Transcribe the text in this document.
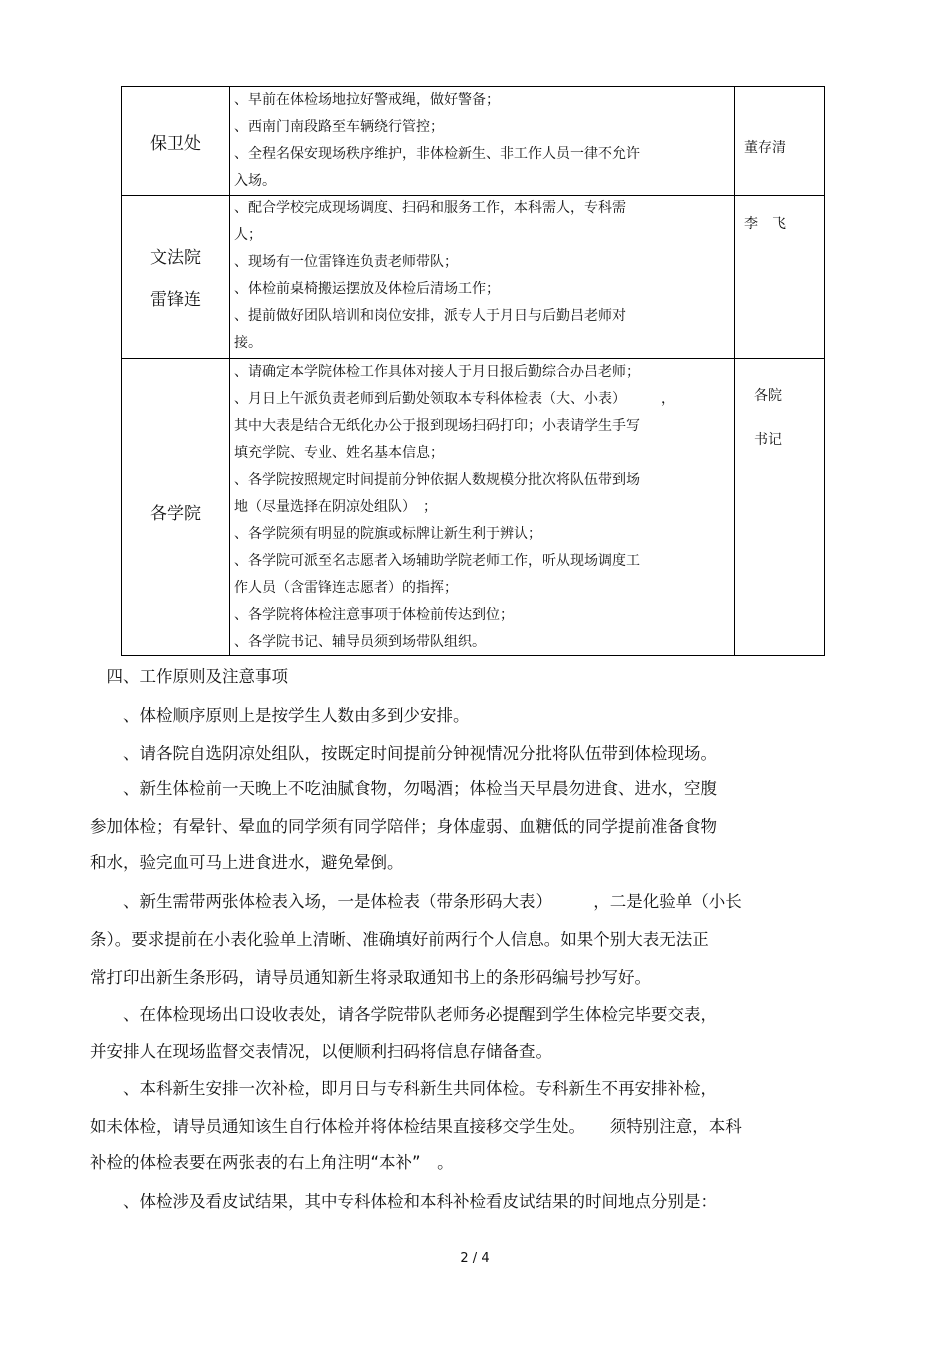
保卫处
、早前在体检场地拉好警戒绳，做好警备；
、西南门南段路至车辆绕行管控；
、全程名保安现场秩序维护，非体检新生、非工作人员一律不允许
入场。
董存清
文法院
雷锋连
、配合学校完成现场调度、扫码和服务工作，本科需人，专科需
人；
、现场有一位雷锋连负责老师带队；
、体检前桌椅搬运摆放及体检后清场工作；
、提前做好团队培训和岗位安排，派专人于月日与后勤吕老师对
接。
李　飞
各学院
、请确定本学院体检工作具体对接人于月日报后勤综合办吕老师；
、月日上午派负责老师到后勤处领取本专科体检表（大、小表）　　　，
其中大表是结合无纸化办公于报到现场扫码打印；小表请学生手写
填充学院、专业、姓名基本信息；
、各学院按照规定时间提前分钟依据人数规模分批次将队伍带到场
地（尽量选择在阴凉处组队）　；
、各学院须有明显的院旗或标牌让新生利于辨认；
、各学院可派至名志愿者入场辅助学院老师工作，听从现场调度工
作人员（含雷锋连志愿者）的指挥；
、各学院将体检注意事项于体检前传达到位；
、各学院书记、辅导员须到场带队组织。
各院
书记
　四、工作原则及注意事项
　　、体检顺序原则上是按学生人数由多到少安排。
　　、请各院自选阴凉处组队，按既定时间提前分钟视情况分批将队伍带到体检现场。
　　、新生体检前一天晚上不吃油腻食物，勿喝酒；体检当天早晨勿进食、进水，空腹
参加体检；有晕针、晕血的同学须有同学陪伴；身体虚弱、血糖低的同学提前准备食物
和水，验完血可马上进食进水，避免晕倒。
　　、新生需带两张体检表入场，一是体检表（带条形码大表）　　　，二是化验单（小长
条）。要求提前在小表化验单上清晰、准确填好前两行个人信息。如果个别大表无法正
常打印出新生条形码，请导员通知新生将录取通知书上的条形码编号抄写好。
　　、在体检现场出口设收表处，请各学院带队老师务必提醒到学生体检完毕要交表，
并安排人在现场监督交表情况，以便顺利扫码将信息存储备查。
　　、本科新生安排一次补检，即月日与专科新生共同体检。专科新生不再安排补检，
如未体检，请导员通知该生自行体检并将体检结果直接移交学生处。　　须特别注意，本科
补检的体检表要在两张表的右上角注明“本补”　。
　　、体检涉及看皮试结果，其中专科体检和本科补检看皮试结果的时间地点分别是：
2 / 4
